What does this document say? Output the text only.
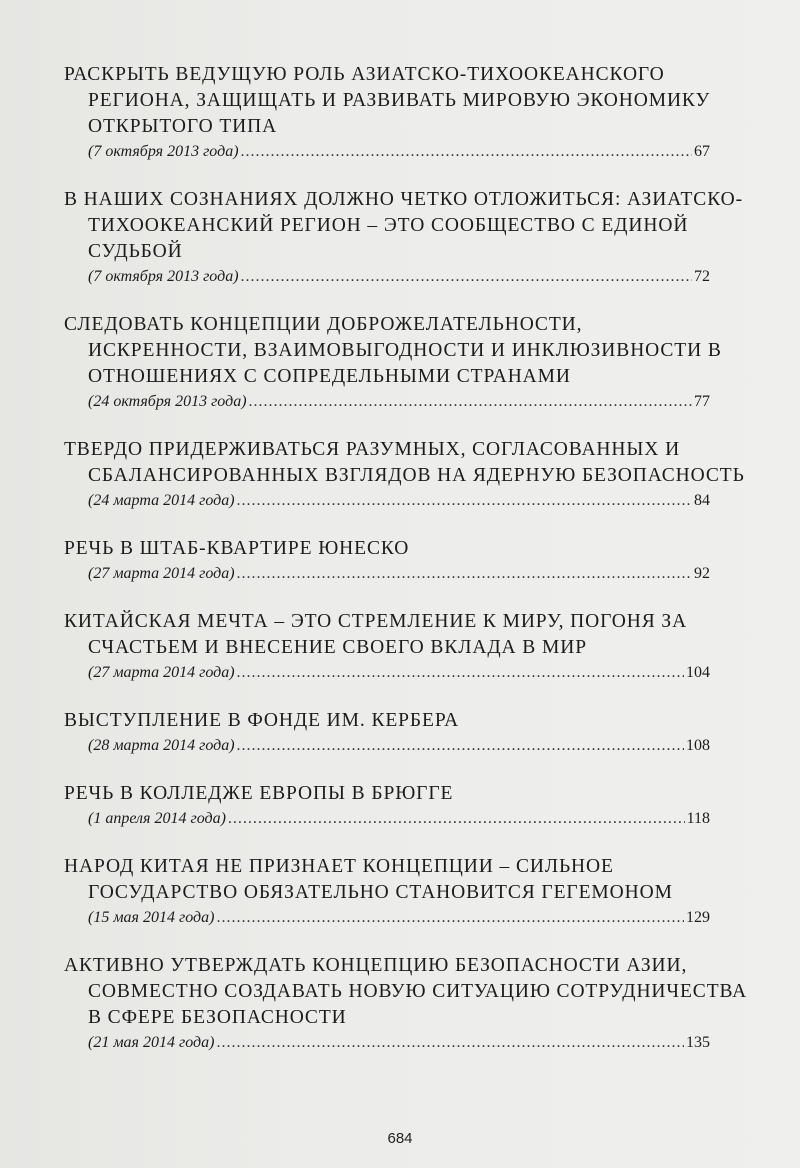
РАСКРЫТЬ ВЕДУЩУЮ РОЛЬ АЗИАТСКО-ТИХООКЕАНСКОГО
РЕГИОНА, ЗАЩИЩАТЬ И РАЗВИВАТЬ МИРОВУЮ ЭКОНОМИКУ
ОТКРЫТОГО ТИПА
(7 октября 2013 года) .....	67
В НАШИХ СОЗНАНИЯХ ДОЛЖНО ЧЕТКО ОТЛОЖИТЬСЯ: АЗИАТСКО-
ТИХООКЕАНСКИЙ РЕГИОН – ЭТО СООБЩЕСТВО С ЕДИНОЙ
СУДЬБОЙ
(7 октября 2013 года) .....	72
СЛЕДОВАТЬ КОНЦЕПЦИИ ДОБРОЖЕЛАТЕЛЬНОСТИ,
ИСКРЕННОСТИ, ВЗАИМОВЫГОДНОСТИ И ИНКЛЮЗИВНОСТИ В
ОТНОШЕНИЯХ С СОПРЕДЕЛЬНЫМИ СТРАНАМИ
(24 октября 2013 года) .....	77
ТВЕРДО ПРИДЕРЖИВАТЬСЯ РАЗУМНЫХ, СОГЛАСОВАННЫХ И
СБАЛАНСИРОВАННЫХ ВЗГЛЯДОВ НА ЯДЕРНУЮ БЕЗОПАСНОСТЬ
(24 марта 2014 года) .....	84
РЕЧЬ В ШТАБ-КВАРТИРЕ ЮНЕСКО
(27 марта 2014 года) .....	92
КИТАЙСКАЯ МЕЧТА – ЭТО СТРЕМЛЕНИЕ К МИРУ, ПОГОНЯ ЗА
СЧАСТЬЕМ И ВНЕСЕНИЕ СВОЕГО ВКЛАДА В МИР
(27 марта 2014 года) .....	104
ВЫСТУПЛЕНИЕ В ФОНДЕ ИМ. КЕРБЕРА
(28 марта 2014 года) .....	108
РЕЧЬ В КОЛЛЕДЖЕ ЕВРОПЫ В БРЮГГЕ
(1 апреля 2014 года) .....	118
НАРОД КИТАЯ НЕ ПРИЗНАЕТ КОНЦЕПЦИИ – СИЛЬНОЕ
ГОСУДАРСТВО ОБЯЗАТЕЛЬНО СТАНОВИТСЯ ГЕГЕМОНОМ
(15 мая 2014 года) .....	129
АКТИВНО УТВЕРЖДАТЬ КОНЦЕПЦИЮ БЕЗОПАСНОСТИ АЗИИ,
СОВМЕСТНО СОЗДАВАТЬ НОВУЮ СИТУАЦИЮ СОТРУДНИЧЕСТВА
В СФЕРЕ БЕЗОПАСНОСТИ
(21 мая 2014 года) .....	135
684
